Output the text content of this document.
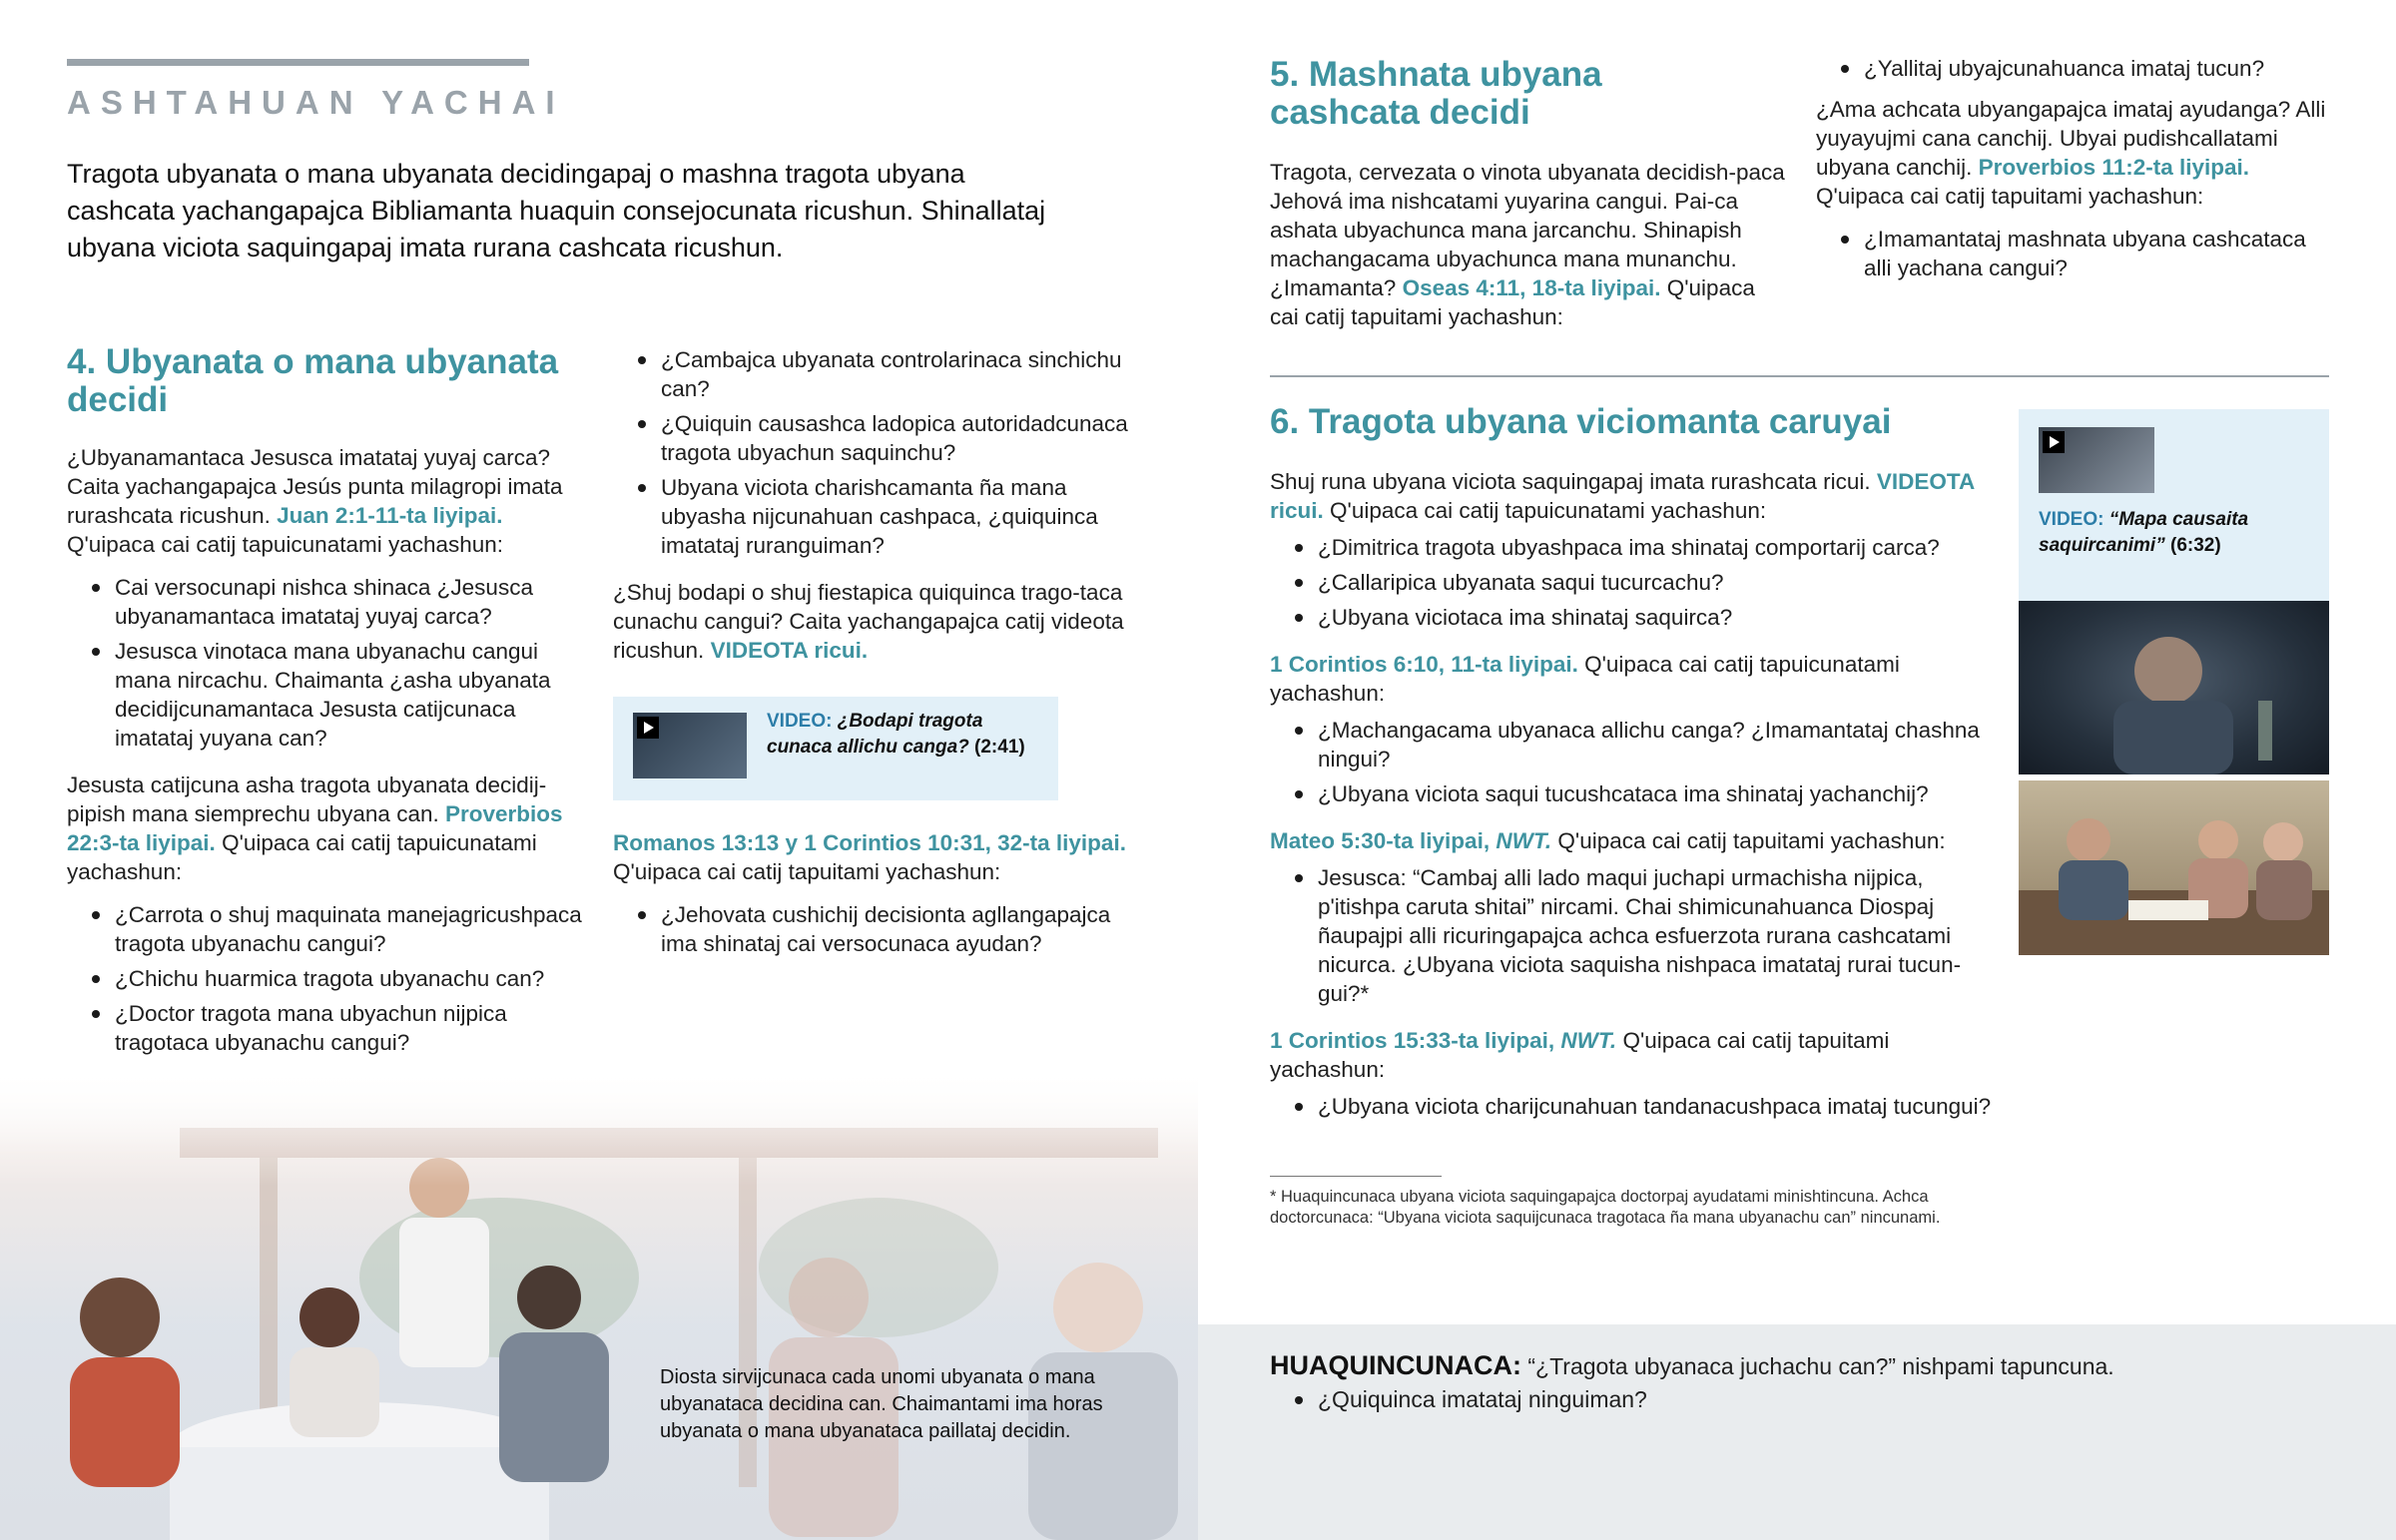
ASHTAHUAN YACHAI
Tragota ubyanata o mana ubyanata decidingapaj o mashna tragota ubyana cashcata yachangapajca Bibliamanta huaquin consejocunata ricushun. Shinallataj ubyana viciota saquingapaj imata rurana cashcata ricushun.
4. Ubyanata o mana ubyanata decidi

¿Ubyanamantaca Jesusca imatataj yuyaj carca? Caita yachangapajca Jesús punta milagropi imata rurashcata ricushun. Juan 2:1-11-ta liyipai. Q'uipaca cai catij tapuicunatami yachashun:

Cai versocunapi nishca shinaca ¿Jesusca ubyanamantaca imatataj yuyaj carca?
Jesusca vinotaca mana ubyanachu cangui mana nircachu. Chaimanta ¿asha ubyanata decidijcunamantaca Jesusta catijcunaca imatataj yuyana can?

Jesusta catijcuna asha tragota ubyanata decidij-pipish mana siemprechu ubyana can. Proverbios 22:3-ta liyipai. Q'uipaca cai catij tapuicunatami yachashun:

¿Carrota o shuj maquinata manejagricushpaca tragota ubyanachu cangui?
¿Chichu huarmica tragota ubyanachu can?
¿Doctor tragota mana ubyachun nijpica tragotaca ubyanachu cangui?
¿Cambajca ubyanata controlarinaca sinchichu can?
¿Quiquin causashca ladopica autoridadcunaca tragota ubyachun saquinchu?
Ubyana viciota charishcamanta ña mana ubyasha nijcunahuan cashpaca, ¿quiquinca imatataj ruranguiman?

¿Shuj bodapi o shuj fiestapica quiquinca trago-taca cunachu cangui? Caita yachangapajca catij videota ricushun. VIDEOTA ricui.

VIDEO: ¿Bodapi tragota cunaca allichu canga? (2:41)

Romanos 13:13 y 1 Corintios 10:31, 32-ta liyipai. Q'uipaca cai catij tapuitami yachashun:

¿Jehovata cushichij decisionta agllangapajca ima shinataj cai versocunaca ayudan?
Diosta sirvijcunaca cada unomi ubyanata o mana ubyanataca decidina can. Chaimantami ima horas ubyanata o mana ubyanataca paillataj decidin.
5. Mashnata ubyana cashcata decidi

Tragota, cervezata o vinota ubyanata decidish-paca Jehová ima nishcatami yuyarina cangui. Pai-ca ashata ubyachunca mana jarcanchu. Shinapish machangacama ubyachunca mana munanchu. ¿Imamanta? Oseas 4:11, 18-ta liyipai. Q'uipaca cai catij tapuitami yachashun:

¿Yallitaj ubyajcunahuanca imataj tucun?

¿Ama achcata ubyangapajca imataj ayudanga? Alli yuyayujmi cana canchij. Ubyai pudishcallatami ubyana canchij. Proverbios 11:2-ta liyipai. Q'uipaca cai catij tapuitami yachashun:

¿Imamantataj mashnata ubyana cashcataca alli yachana cangui?
6. Tragota ubyana viciomanta caruyai

Shuj runa ubyana viciota saquingapaj imata rurashcata ricui. VIDEOTA ricui. Q'uipaca cai catij tapuicunatami yachashun:

¿Dimitrica tragota ubyashpaca ima shinataj comportarij carca?
¿Callaripica ubyanata saqui tucurcachu?
¿Ubyana viciotaca ima shinataj saquirca?

1 Corintios 6:10, 11-ta liyipai. Q'uipaca cai catij tapuicunatami yachashun:

¿Machangacama ubyanaca allichu canga? ¿Imamantataj chashna ningui?
¿Ubyana viciota saqui tucushcataca ima shinataj yachanchij?

Mateo 5:30-ta liyipai, NWT. Q'uipaca cai catij tapuitami yachashun:

Jesusca: “Cambaj alli lado maqui juchapi urmachisha nijpica, p'itishpa caruta shitai” nircami. Chai shimicunahuanca Diospaj ñaupajpi alli ricuringapajca achca esfuerzota rurana cashcatami nicurca. ¿Ubyana viciota saquisha nishpaca imatataj rurai tucun-gui?*

1 Corintios 15:33-ta liyipai, NWT. Q'uipaca cai catij tapuitami yachashun:

¿Ubyana viciota charijcunahuan tandanacushpaca imataj tucungui?
VIDEO: “Mapa causaita saquircanimi” (6:32)
* Huaquincunaca ubyana viciota saquingapajca doctorpaj ayudatami minishtincuna. Achca doctorcunaca: “Ubyana viciota saquijcunaca tragotaca ña mana ubyanachu can” nincunami.

HUAQUINCUNACA: “¿Tragota ubyanaca juchachu can?” nishpami tapuncuna.

¿Quiquinca imatataj ninguiman?
